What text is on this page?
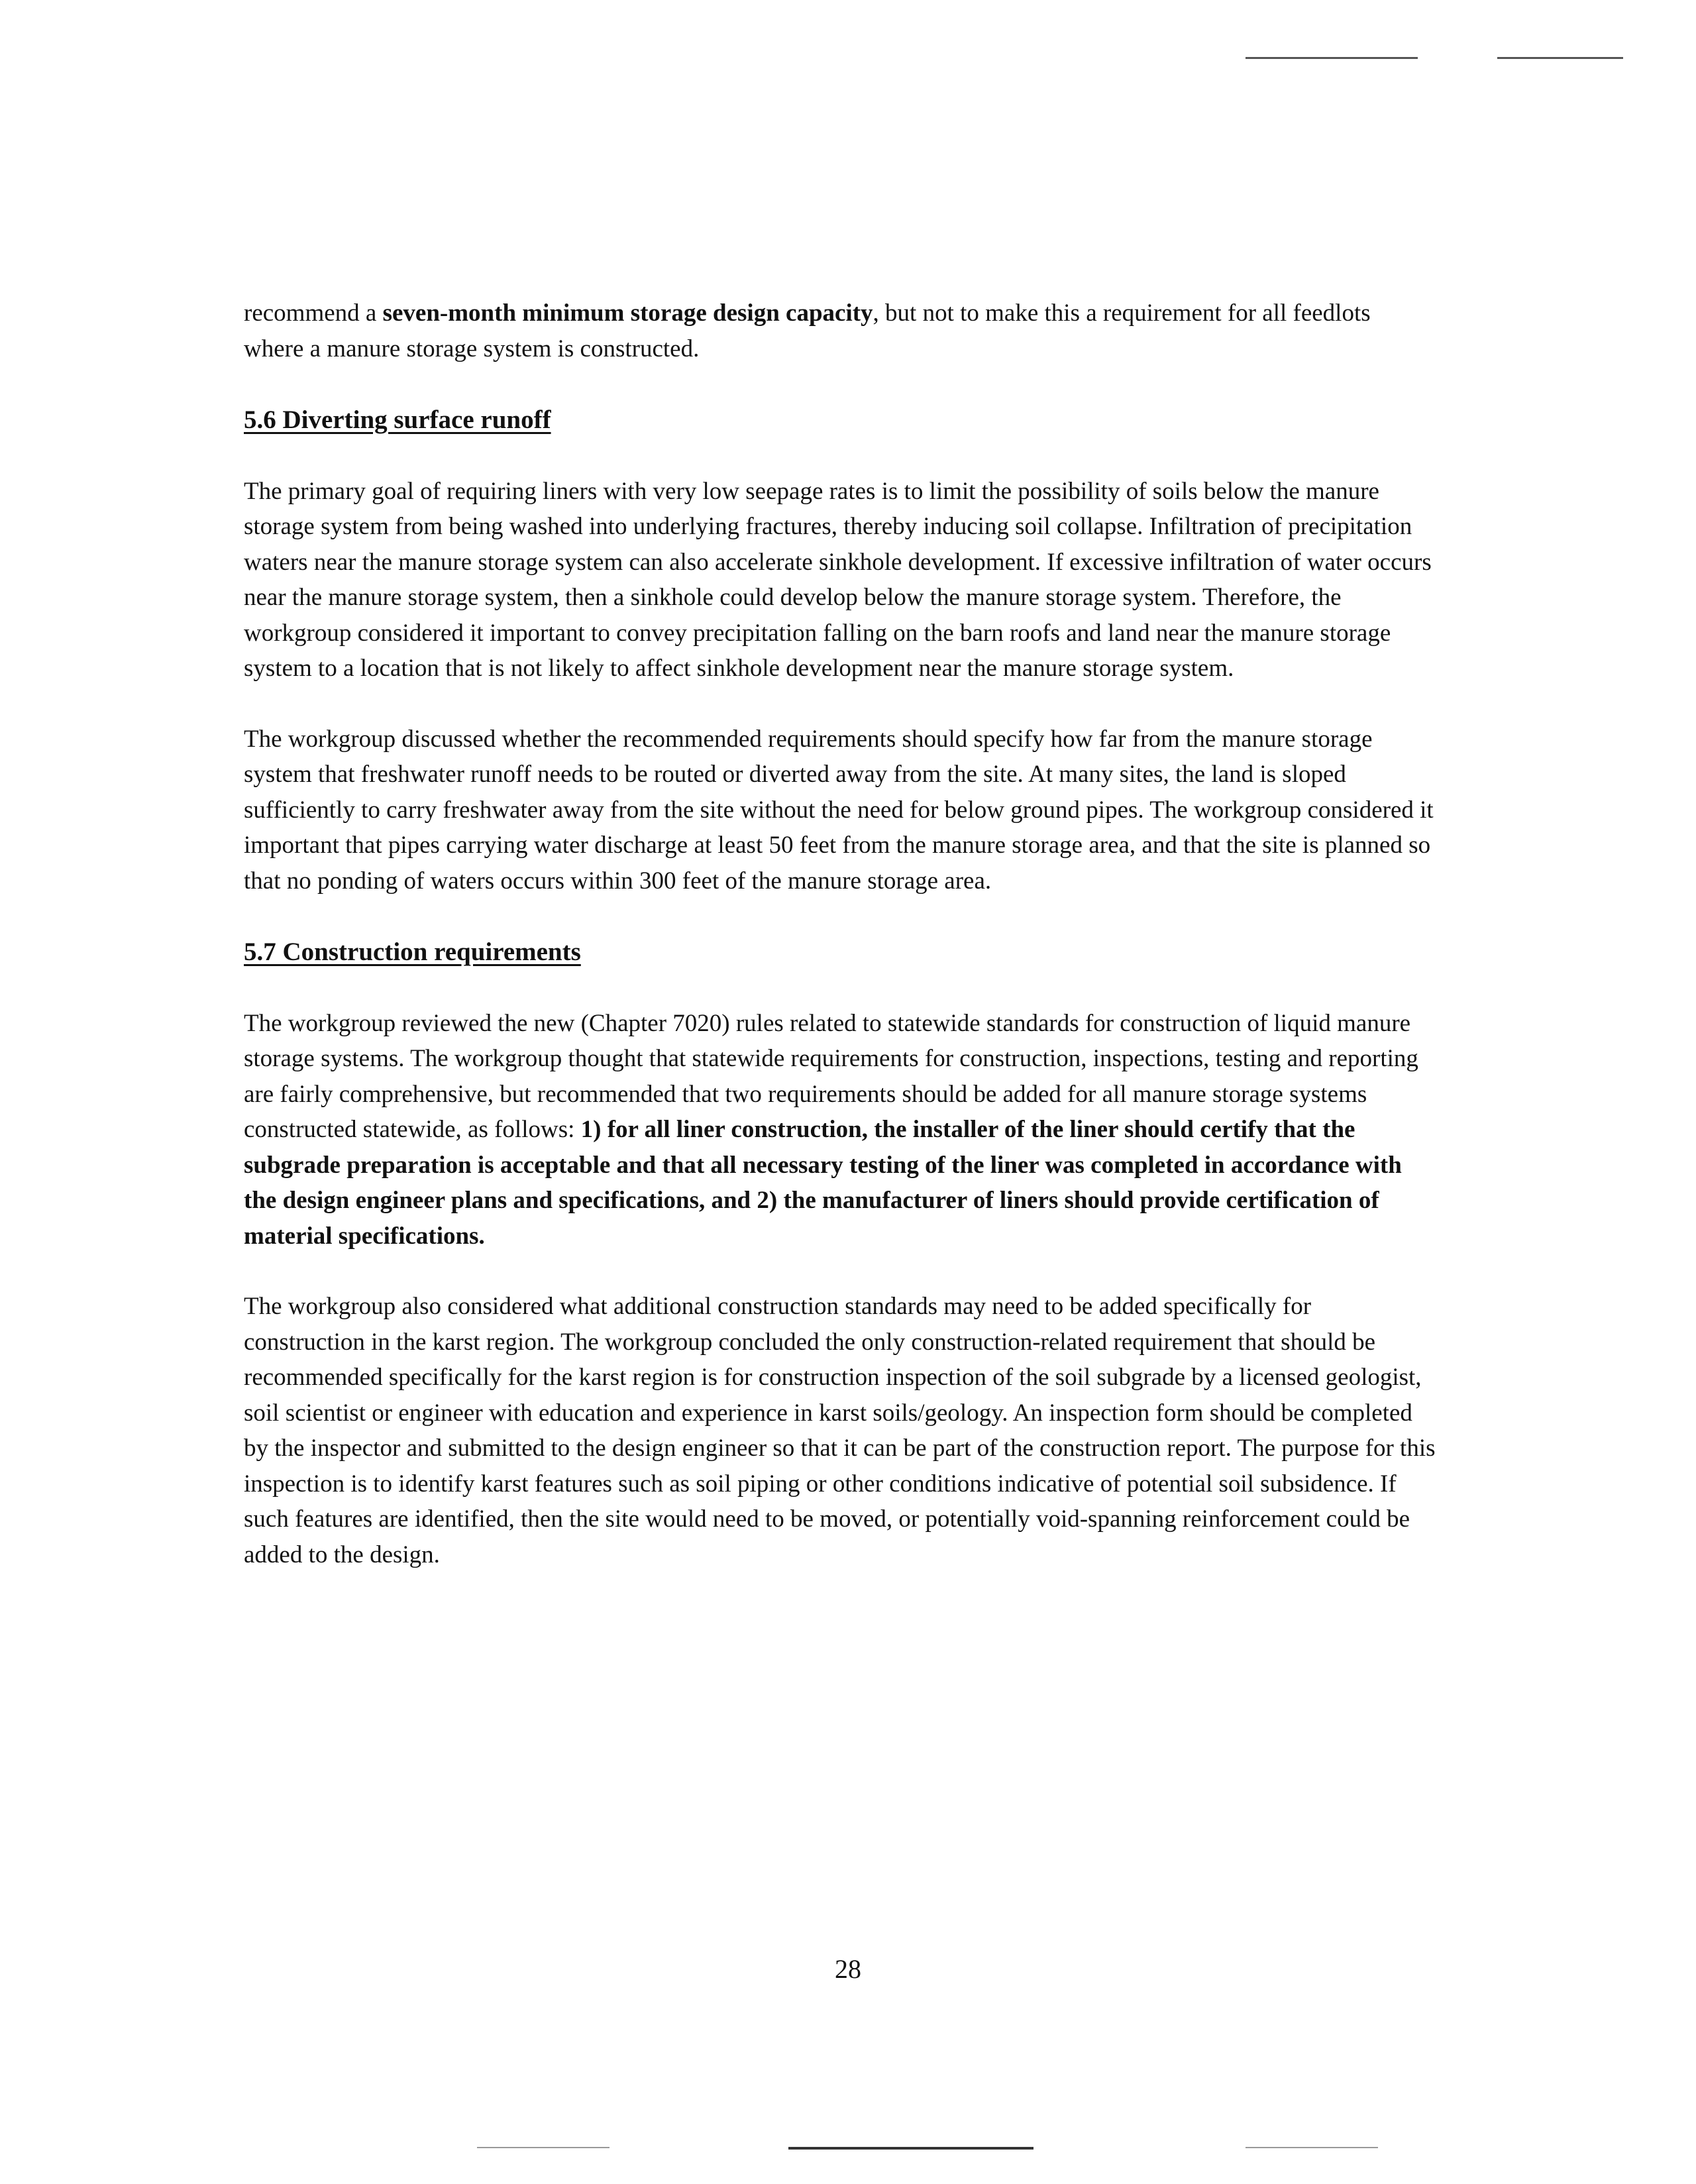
recommend a seven-month minimum storage design capacity, but not to make this a requirement for all feedlots where a manure storage system is constructed.

5.6 Diverting surface runoff

The primary goal of requiring liners with very low seepage rates is to limit the possibility of soils below the manure storage system from being washed into underlying fractures, thereby inducing soil collapse. Infiltration of precipitation waters near the manure storage system can also accelerate sinkhole development. If excessive infiltration of water occurs near the manure storage system, then a sinkhole could develop below the manure storage system. Therefore, the workgroup considered it important to convey precipitation falling on the barn roofs and land near the manure storage system to a location that is not likely to affect sinkhole development near the manure storage system.

The workgroup discussed whether the recommended requirements should specify how far from the manure storage system that freshwater runoff needs to be routed or diverted away from the site. At many sites, the land is sloped sufficiently to carry freshwater away from the site without the need for below ground pipes. The workgroup considered it important that pipes carrying water discharge at least 50 feet from the manure storage area, and that the site is planned so that no ponding of waters occurs within 300 feet of the manure storage area.

5.7 Construction requirements

The workgroup reviewed the new (Chapter 7020) rules related to statewide standards for construction of liquid manure storage systems. The workgroup thought that statewide requirements for construction, inspections, testing and reporting are fairly comprehensive, but recommended that two requirements should be added for all manure storage systems constructed statewide, as follows: 1) for all liner construction, the installer of the liner should certify that the subgrade preparation is acceptable and that all necessary testing of the liner was completed in accordance with the design engineer plans and specifications, and 2) the manufacturer of liners should provide certification of material specifications.

The workgroup also considered what additional construction standards may need to be added specifically for construction in the karst region. The workgroup concluded the only construction-related requirement that should be recommended specifically for the karst region is for construction inspection of the soil subgrade by a licensed geologist, soil scientist or engineer with education and experience in karst soils/geology. An inspection form should be completed by the inspector and submitted to the design engineer so that it can be part of the construction report. The purpose for this inspection is to identify karst features such as soil piping or other conditions indicative of potential soil subsidence. If such features are identified, then the site would need to be moved, or potentially void-spanning reinforcement could be added to the design.

28
